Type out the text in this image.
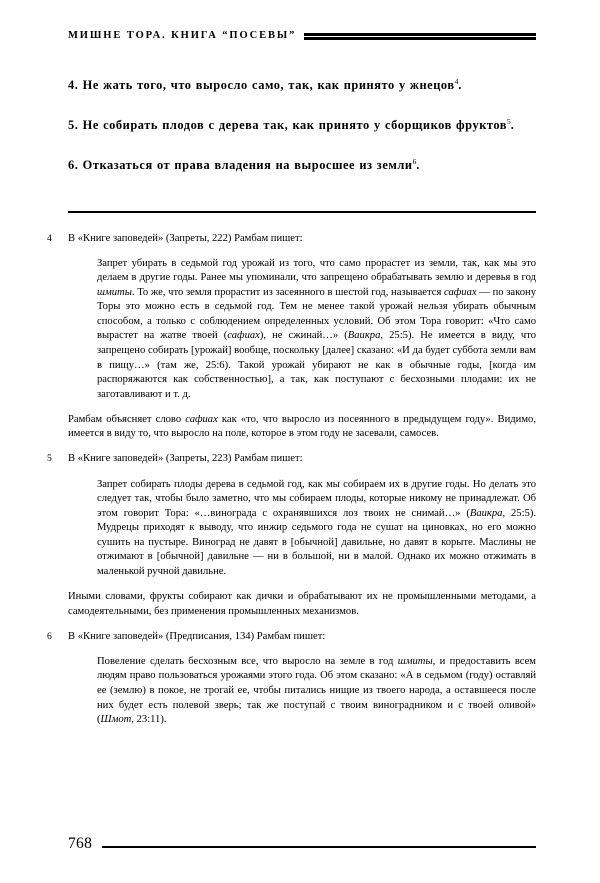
МИШНЕ ТОРА. КНИГА “ПОСЕВЫ”

4. Не жать того, что выросло само, так, как принято у жнецов$^4$.

5. Не собирать плодов с дерева так, как принято у сборщиков фруктов$^5$.

6. Отказаться от права владения на выросшее из земли$^6$.

4	В «Книге заповедей» (Запреты, 222) Рамбам пишет:

Запрет убирать в седьмой год урожай из того, что само прорастет из земли, так, как мы это делаем в другие годы. Ранее мы упоминали, что запрещено обрабатывать землю и деревья в год шмиты. То же, что земля прорастит из засеянного в шестой год, называется сафиах — по закону Торы это можно есть в седьмой год. Тем не менее такой урожай нельзя убирать обычным способом, а только с соблюдением определенных условий. Об этом Тора говорит: «Что само вырастет на жатве твоей (сафиах), не сжинай…» (Ваикра, 25:5). Не имеется в виду, что запрещено собирать [урожай] вообще, поскольку [далее] сказано: «И да будет суббота земли вам в пищу…» (там же, 25:6). Такой урожай убирают не как в обычные годы, [когда им распоряжаются как собственностью], а так, как поступают с бесхозными плодами: их не заготавливают и т. д.

Рамбам объясняет слово сафиах как «то, что выросло из посеянного в предыдущем году». Видимо, имеется в виду то, что выросло на поле, которое в этом году не засевали, самосев.

5	В «Книге заповедей» (Запреты, 223) Рамбам пишет:

Запрет собирать плоды дерева в седьмой год, как мы собираем их в другие годы. Но делать это следует так, чтобы было заметно, что мы собираем плоды, которые никому не принадлежат. Об этом говорит Тора: «…винограда с охранявшихся лоз твоих не снимай…» (Ваикра, 25:5). Мудрецы приходят к выводу, что инжир седьмого года не сушат на циновках, но его можно сушить на пустыре. Виноград не давят в [обычной] давильне, но давят в корыте. Маслины не отжимают в [обычной] давильне — ни в большой, ни в малой. Однако их можно отжимать в маленькой ручной давильне.

Иными словами, фрукты собирают как дички и обрабатывают их не промышленными методами, а самодеятельными, без применения промышленных механизмов.

6	В «Книге заповедей» (Предписания, 134) Рамбам пишет:

Повеление сделать бесхозным все, что выросло на земле в год шмиты, и предоставить всем людям право пользоваться урожаями этого года. Об этом сказано: «А в седьмом (году) оставляй ее (землю) в покое, не трогай ее, чтобы питались нищие из твоего народа, а оставшееся после них будет есть полевой зверь; так же поступай с твоим виноградником и с твоей оливой» (Шмот, 23:11).

768
